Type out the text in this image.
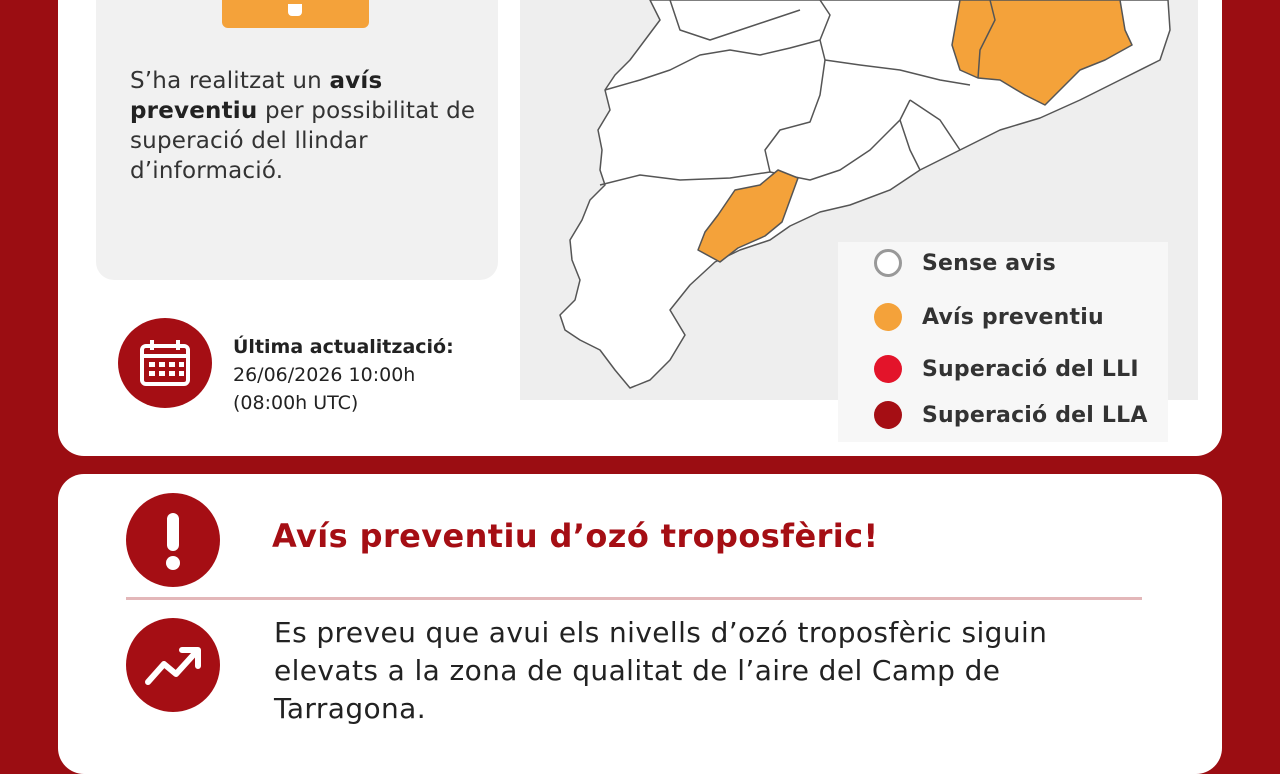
S’ha realitzat un avís preventiu per possibilitat de superació del llindar d’informació.
Última actualització:
26/06/2026 10:00h
(08:00h UTC)
Sense avis
Avís preventiu
Superació del LLI
Superació del LLA
Avís preventiu d’ozó troposfèric!
Es preveu que avui els nivells d’ozó troposfèric siguin elevats a la zona de qualitat de l’aire del Camp de Tarragona.
